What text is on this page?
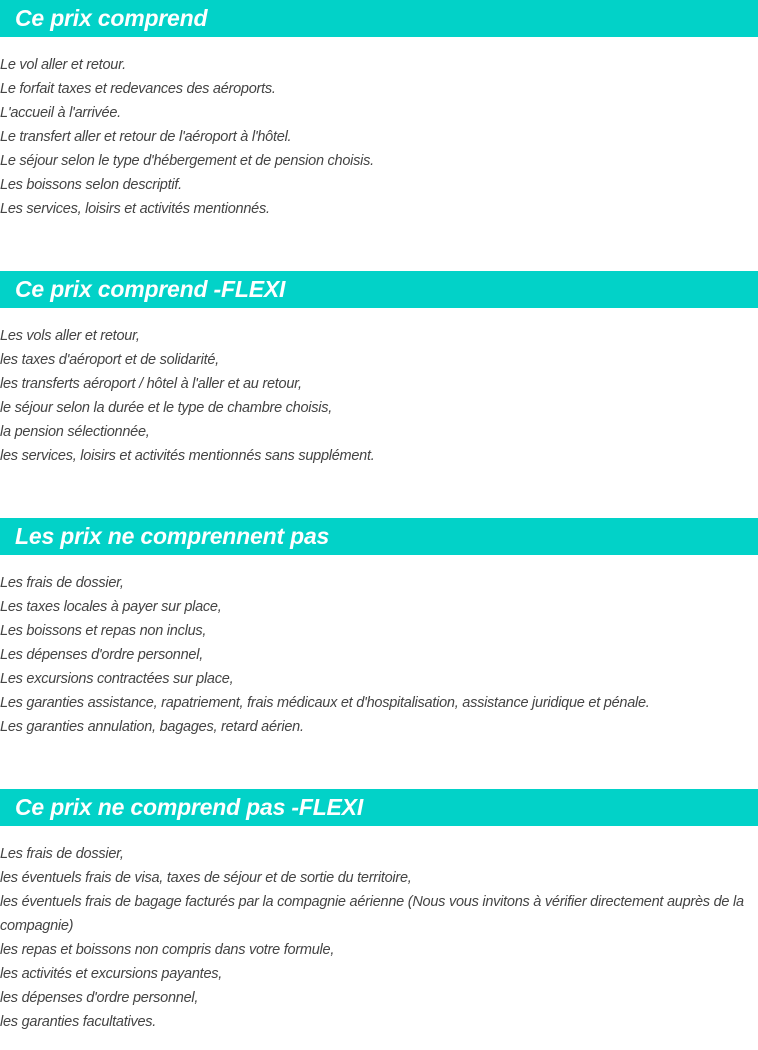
Ce prix comprend
Le vol aller et retour.
Le forfait taxes et redevances des aéroports.
L'accueil à l'arrivée.
Le transfert aller et retour de l'aéroport à l'hôtel.
Le séjour selon le type d'hébergement et de pension choisis.
Les boissons selon descriptif.
Les services, loisirs et activités mentionnés.
Ce prix comprend -FLEXI
Les vols aller et retour,
les taxes d'aéroport et de solidarité,
les transferts aéroport / hôtel à l'aller et au retour,
le séjour selon la durée et le type de chambre choisis,
la pension sélectionnée,
les services, loisirs et activités mentionnés sans supplément.
Les prix ne comprennent pas
Les frais de dossier,
Les taxes locales à payer sur place,
Les boissons et repas non inclus,
Les dépenses d'ordre personnel,
Les excursions contractées sur place,
Les garanties assistance, rapatriement, frais médicaux et d'hospitalisation, assistance juridique et pénale.
Les garanties annulation, bagages, retard aérien.
Ce prix ne comprend pas -FLEXI
Les frais de dossier,
les éventuels frais de visa, taxes de séjour et de sortie du territoire,
les éventuels frais de bagage facturés par la compagnie aérienne (Nous vous invitons à vérifier directement auprès de la compagnie)
les repas et boissons non compris dans votre formule,
les activités et excursions payantes,
les dépenses d'ordre personnel,
les garanties facultatives.
